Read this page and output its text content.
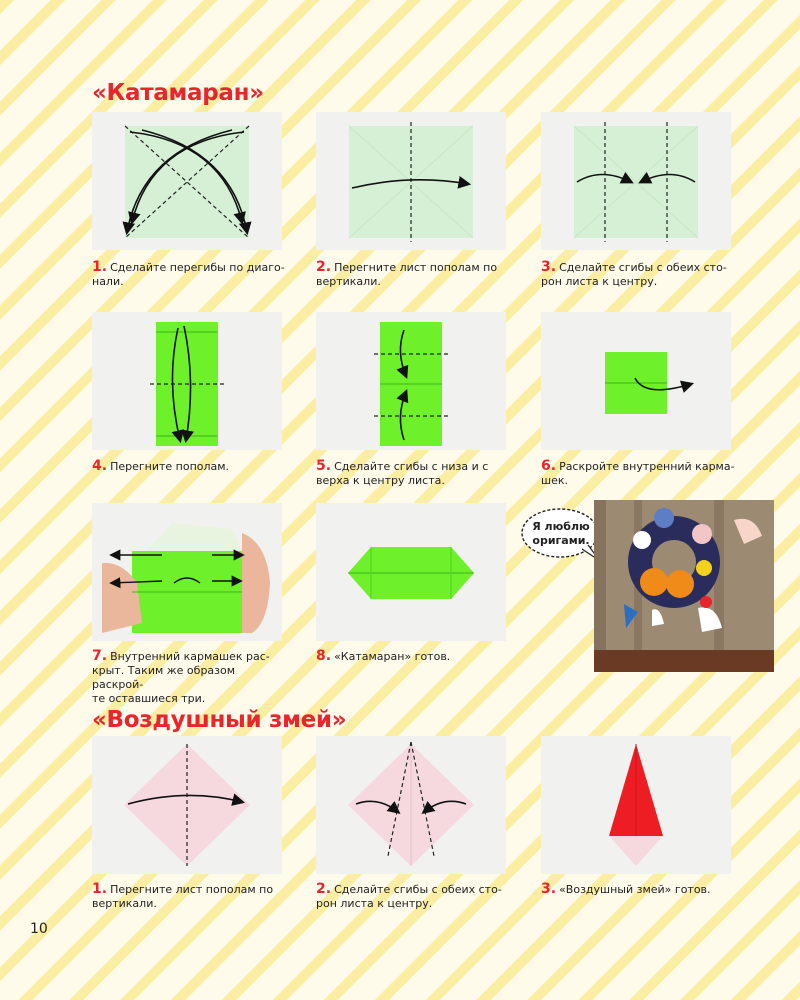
«Катамаран»
1. Сделайте перегибы по диаго-
нали.
2. Перегните лист пополам по
вертикали.
3. Сделайте сгибы с обеих сто-
рон листа к центру.
4. Перегните пополам.	5. Сделайте сгибы с низа и с
верха к центру листа.
6. Раскройте внутренний карма-
шек.
Я люблю
оригами.
7. Внутренний кармашек рас-
крыт. Таким же образом раскрой-
те оставшиеся три.
8. «Катамаран» готов.
«Воздушный змей»
1. Перегните лист пополам по
вертикали.
2. Сделайте сгибы с обеих сто-
рон листа к центру.
3. «Воздушный змей» готов.
10
